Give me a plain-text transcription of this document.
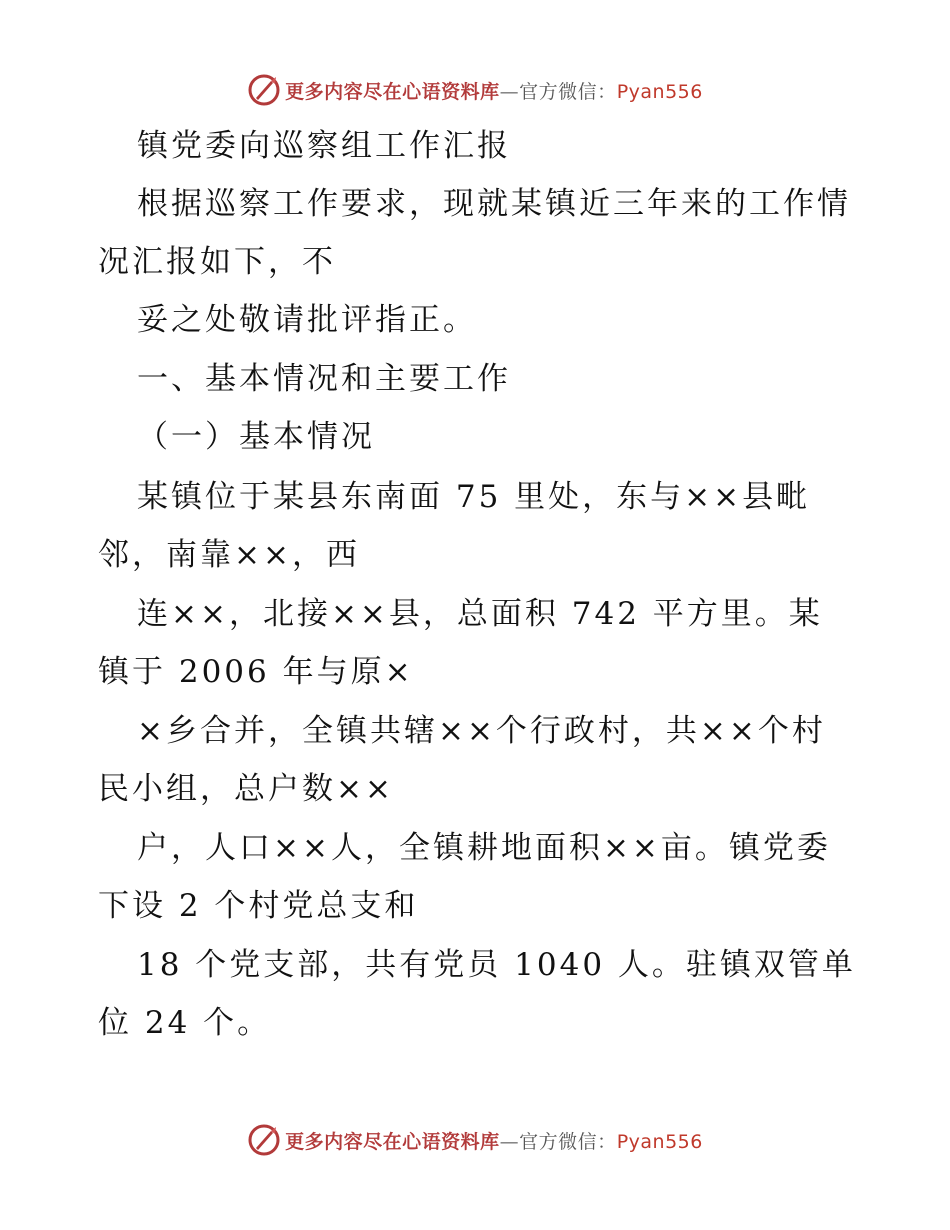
更多内容尽在心语资料库—官方微信：Pyan556
镇党委向巡察组工作汇报
根据巡察工作要求，现就某镇近三年来的工作情
况汇报如下，不
妥之处敬请批评指正。
一、基本情况和主要工作
（一）基本情况
某镇位于某县东南面 75 里处，东与××县毗
邻，南靠××，西
连××，北接××县，总面积 742 平方里。某
镇于 2006 年与原×
×乡合并，全镇共辖××个行政村，共××个村
民小组，总户数××
户，人口××人，全镇耕地面积××亩。镇党委
下设 2 个村党总支和
18 个党支部，共有党员 1040 人。驻镇双管单
位 24 个。
更多内容尽在心语资料库—官方微信：Pyan556
